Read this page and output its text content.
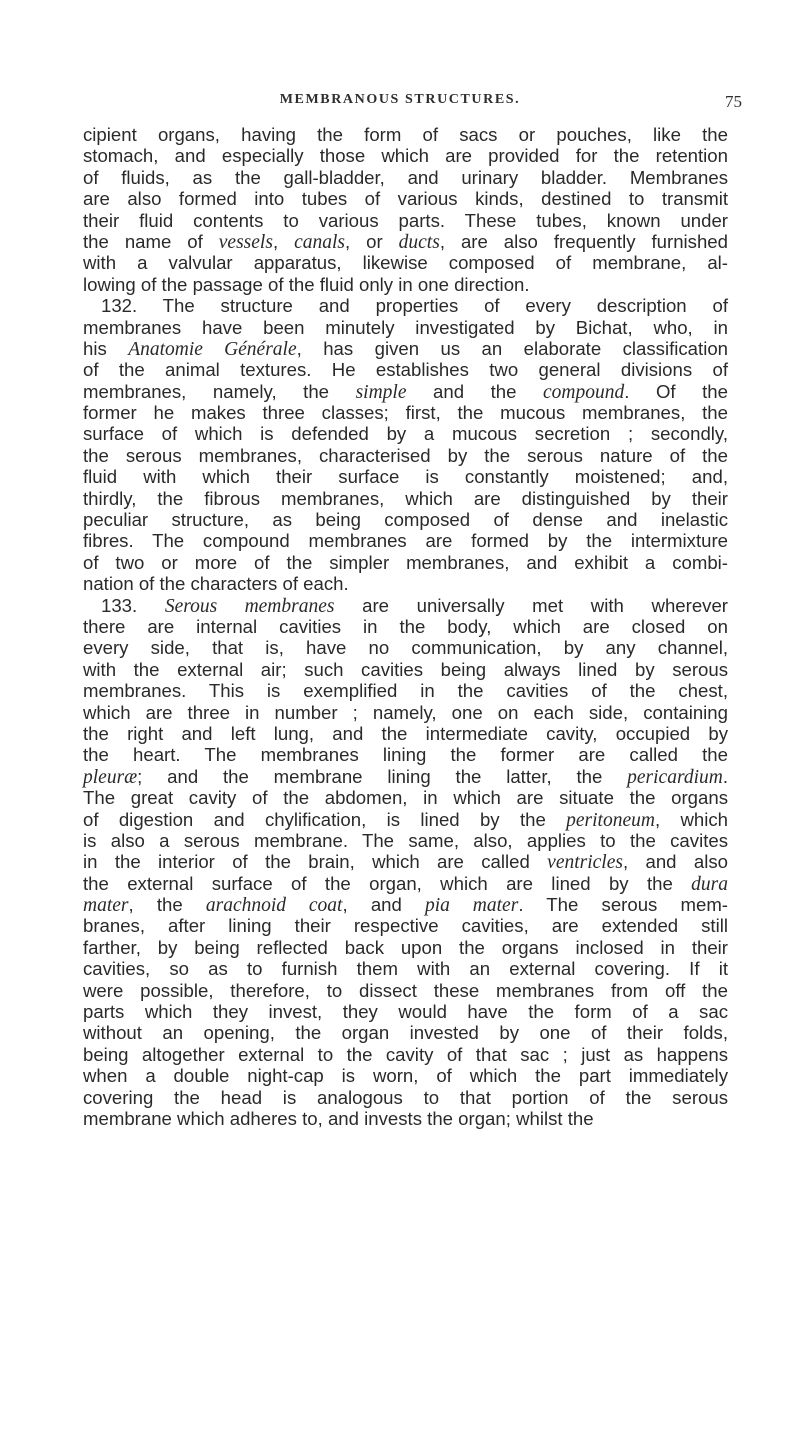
MEMBRANOUS STRUCTURES.	75
cipient organs, having the form of sacs or pouches, like the
stomach, and especially those which are provided for the retention
of fluids, as the gall-bladder, and urinary bladder. Membranes
are also formed into tubes of various kinds, destined to transmit
their fluid contents to various parts. These tubes, known under
the name of vessels, canals, or ducts, are also frequently furnished
with a valvular apparatus, likewise composed of membrane, al-
lowing of the passage of the fluid only in one direction.
132. The structure and properties of every description of
membranes have been minutely investigated by Bichat, who, in
his Anatomie Générale, has given us an elaborate classification
of the animal textures. He establishes two general divisions of
membranes, namely, the simple and the compound. Of the
former he makes three classes; first, the mucous membranes, the
surface of which is defended by a mucous secretion ; secondly,
the serous membranes, characterised by the serous nature of the
fluid with which their surface is constantly moistened; and,
thirdly, the fibrous membranes, which are distinguished by their
peculiar structure, as being composed of dense and inelastic
fibres. The compound membranes are formed by the intermixture
of two or more of the simpler membranes, and exhibit a combi-
nation of the characters of each.
133. Serous membranes are universally met with wherever
there are internal cavities in the body, which are closed on
every side, that is, have no communication, by any channel,
with the external air; such cavities being always lined by serous
membranes. This is exemplified in the cavities of the chest,
which are three in number ; namely, one on each side, containing
the right and left lung, and the intermediate cavity, occupied by
the heart. The membranes lining the former are called the
pleuræ; and the membrane lining the latter, the pericardium.
The great cavity of the abdomen, in which are situate the organs
of digestion and chylification, is lined by the peritoneum, which
is also a serous membrane. The same, also, applies to the cavites
in the interior of the brain, which are called ventricles, and also
the external surface of the organ, which are lined by the dura
mater, the arachnoid coat, and pia mater. The serous mem-
branes, after lining their respective cavities, are extended still
farther, by being reflected back upon the organs inclosed in their
cavities, so as to furnish them with an external covering. If it
were possible, therefore, to dissect these membranes from off the
parts which they invest, they would have the form of a sac
without an opening, the organ invested by one of their folds,
being altogether external to the cavity of that sac ; just as happens
when a double night-cap is worn, of which the part immediately
covering the head is analogous to that portion of the serous
membrane which adheres to, and invests the organ; whilst the
